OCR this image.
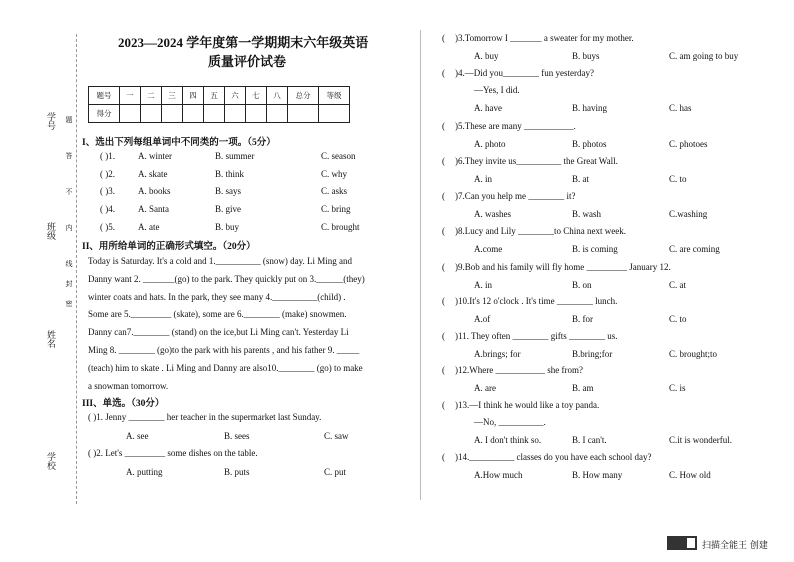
学号
班级
姓名
学校
题
答
不
内
线
封
密
2023—2024 学年度第一学期期末六年级英语
质量评价试卷
题号	一	二	三	四	五	六	七	八	总分	等级
得分										
I、选出下列每组单词中不同类的一项。（5分）
( )1.	A. winter	B. summer	C. season
( )2.	A. skate	B. think	C. why
( )3.	A. books	B. says	C. asks
( )4.	A. Santa	B. give	C. bring
( )5.	A. ate	B. buy	C. brought
II、用所给单词的正确形式填空。（20分）
Today is Saturday. It's a cold and 1.__________ (snow) day. Li Ming and
Danny want 2. _______(go) to the park. They quickly put on 3.______(they)
winter coats and hats. In the park, they see many 4.__________(child) .
Some are 5._________ (skate), some are 6.________ (make) snowmen.
Danny can7.________ (stand) on the ice,but Li Ming can't. Yesterday Li
Ming 8. ________ (go)to the park with his parents , and his father 9. _____
(teach) him to skate . Li Ming and Danny are also10.________ (go) to make
a snowman tomorrow.
III、单选。（30分）
( )1. Jenny ________ her teacher in the supermarket last Sunday.
A. see	B. sees	C. saw
( )2. Let's _________ some dishes on the table.
A. putting	B. puts	C. put
( )3.Tomorrow I _______ a sweater for my mother.
A. buy	B. buys	C. am going to buy
( )4.—Did you________ fun yesterday?
—Yes, I did.
A. have	B. having	C. has
( )5.These are many ___________.
A. photo	B. photos	C. photoes
( )6.They invite us__________ the Great Wall.
A. in	B. at	C. to
( )7.Can you help me ________ it?
A. washes	B. wash	C.washing
( )8.Lucy and Lily ________to China next week.
A.come	B. is coming	C. are coming
( )9.Bob and his family will fly home _________ January 12.
A. in	B. on	C. at
( )10.It's 12 o'clock . It's time ________ lunch.
A.of	B. for	C. to
( )11. They often ________ gifts ________ us.
A.brings; for	B.bring;for	C. brought;to
( )12.Where ___________ she from?
A. are	B. am	C. is
( )13.—I think he would like a toy panda.
—No, __________.
A. I don't think so.	B. I can't.	C.it is wonderful.
( )14.__________ classes do you have each school day?
A.How much	B. How many	C. How old
扫描全能王 创建
